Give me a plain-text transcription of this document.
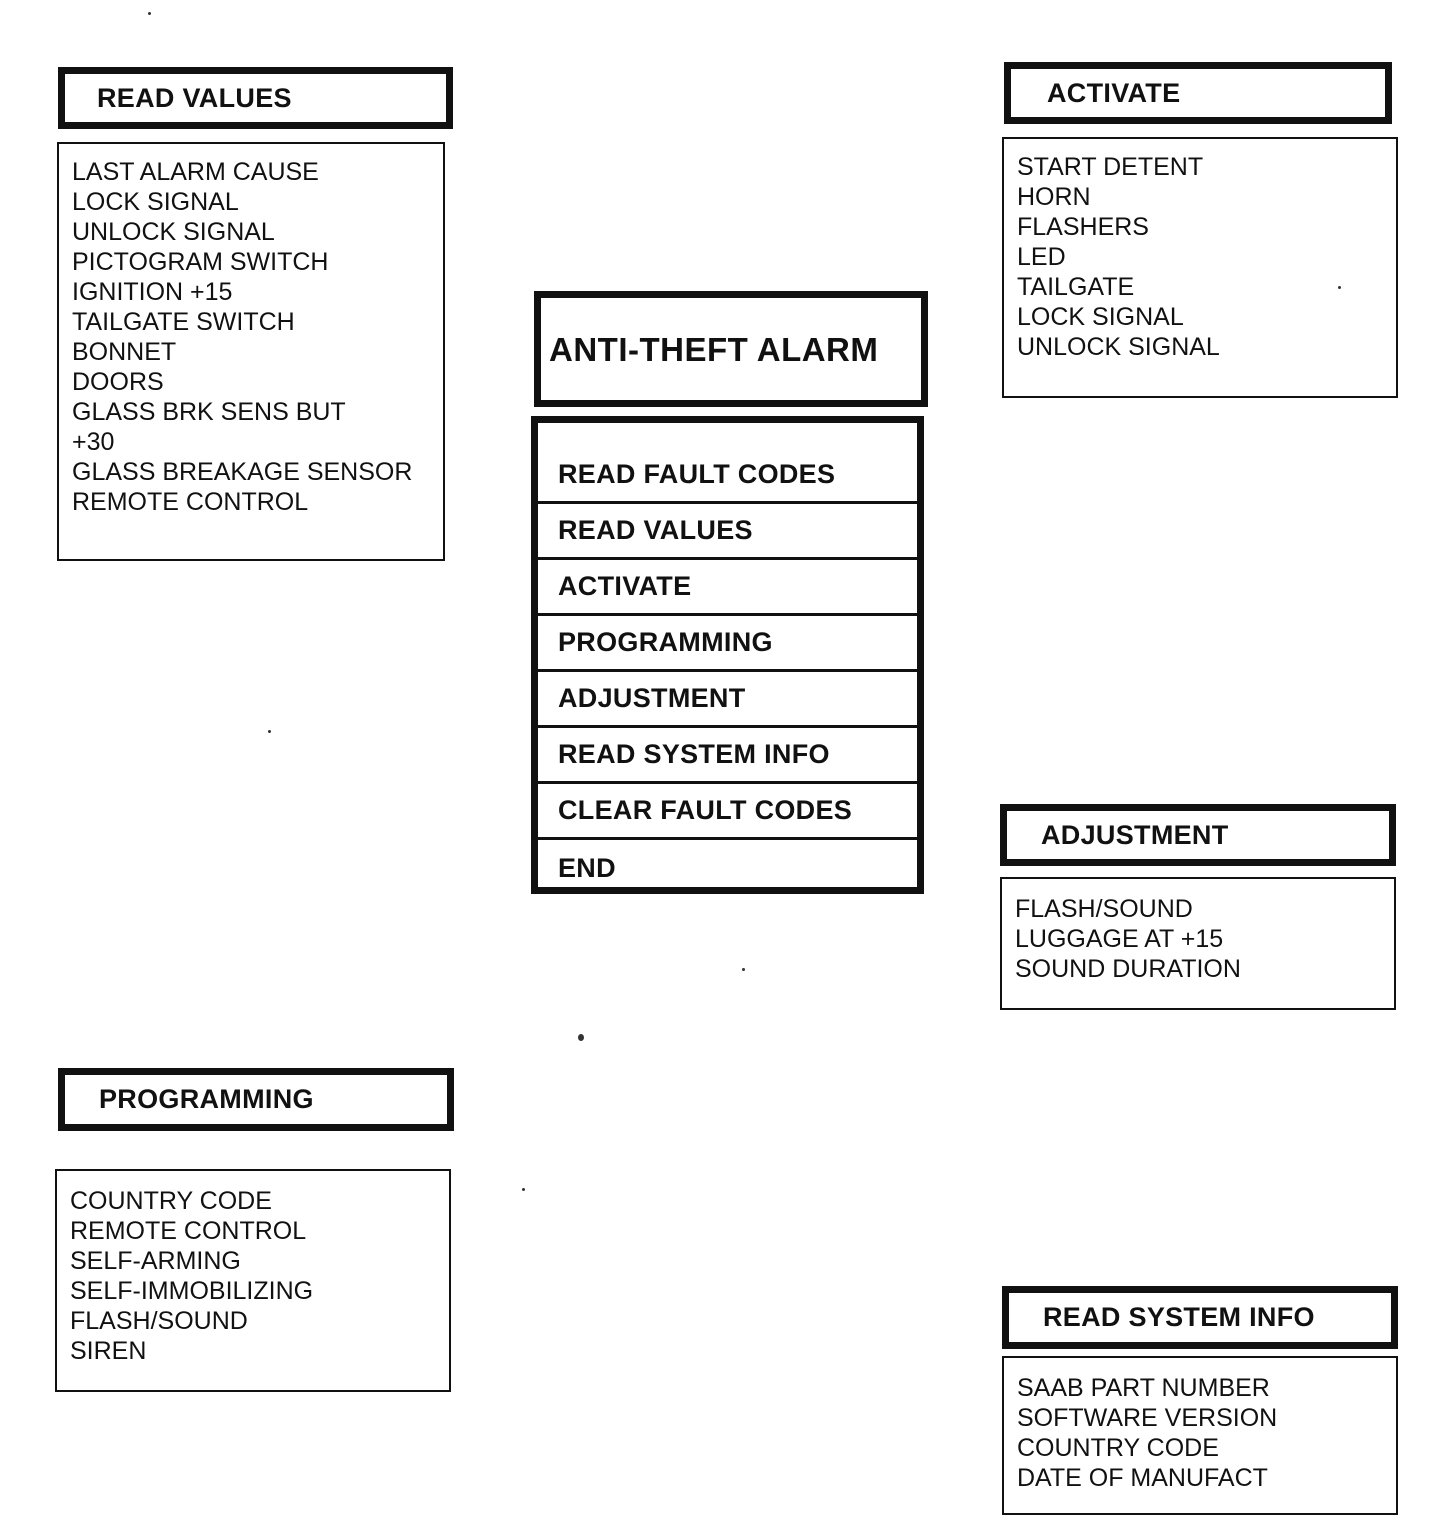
READ VALUES
LAST ALARM CAUSE
LOCK SIGNAL
UNLOCK SIGNAL
PICTOGRAM SWITCH
IGNITION +15
TAILGATE SWITCH
BONNET
DOORS
GLASS BRK SENS BUT
+30
GLASS BREAKAGE SENSOR
REMOTE CONTROL
ACTIVATE
START DETENT
HORN
FLASHERS
LED
TAILGATE
LOCK SIGNAL
UNLOCK SIGNAL
ANTI-THEFT ALARM
READ FAULT CODES
READ VALUES
ACTIVATE
PROGRAMMING
ADJUSTMENT
READ SYSTEM INFO
CLEAR FAULT CODES
END
ADJUSTMENT
FLASH/SOUND
LUGGAGE AT +15
SOUND DURATION
PROGRAMMING
COUNTRY CODE
REMOTE CONTROL
SELF-ARMING
SELF-IMMOBILIZING
FLASH/SOUND
SIREN
READ SYSTEM INFO
SAAB PART NUMBER
SOFTWARE VERSION
COUNTRY CODE
DATE OF MANUFACT
